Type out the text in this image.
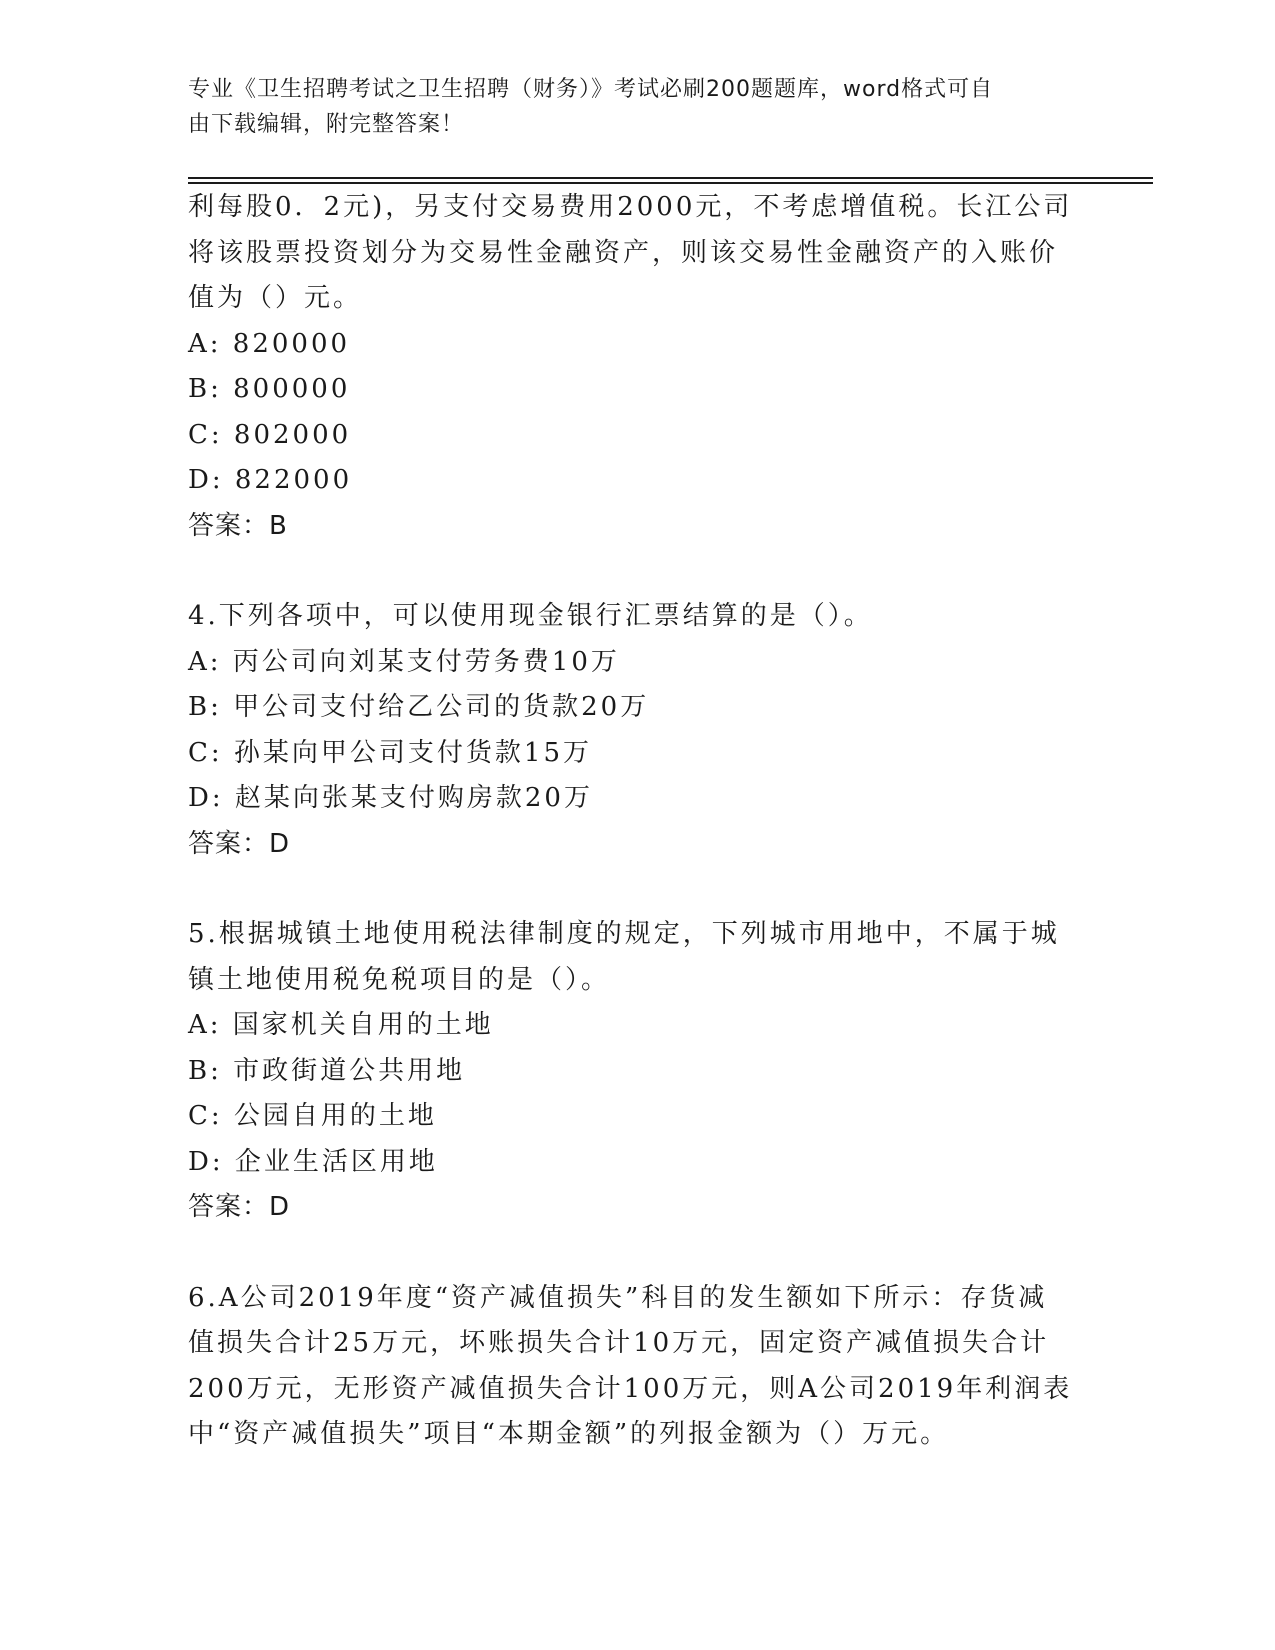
专业《卫生招聘考试之卫生招聘（财务）》考试必刷200题题库，word格式可自
由下载编辑，附完整答案！

利每股0．2元)，另支付交易费用2000元，不考虑增值税。长江公司

将该股票投资划分为交易性金融资产，则该交易性金融资产的入账价

值为（）元。

A: 820000

B: 800000

C: 802000

D: 822000

答案：B

4.下列各项中，可以使用现金银行汇票结算的是（）。

A: 丙公司向刘某支付劳务费10万

B: 甲公司支付给乙公司的货款20万

C: 孙某向甲公司支付货款15万

D: 赵某向张某支付购房款20万

答案：D

5.根据城镇土地使用税法律制度的规定，下列城市用地中，不属于城

镇土地使用税免税项目的是（）。

A: 国家机关自用的土地

B: 市政街道公共用地

C: 公园自用的土地

D: 企业生活区用地

答案：D

6.A公司2019年度“资产减值损失”科目的发生额如下所示：存货减

值损失合计25万元，坏账损失合计10万元，固定资产减值损失合计

200万元，无形资产减值损失合计100万元，则A公司2019年利润表

中“资产减值损失”项目“本期金额”的列报金额为（）万元。
